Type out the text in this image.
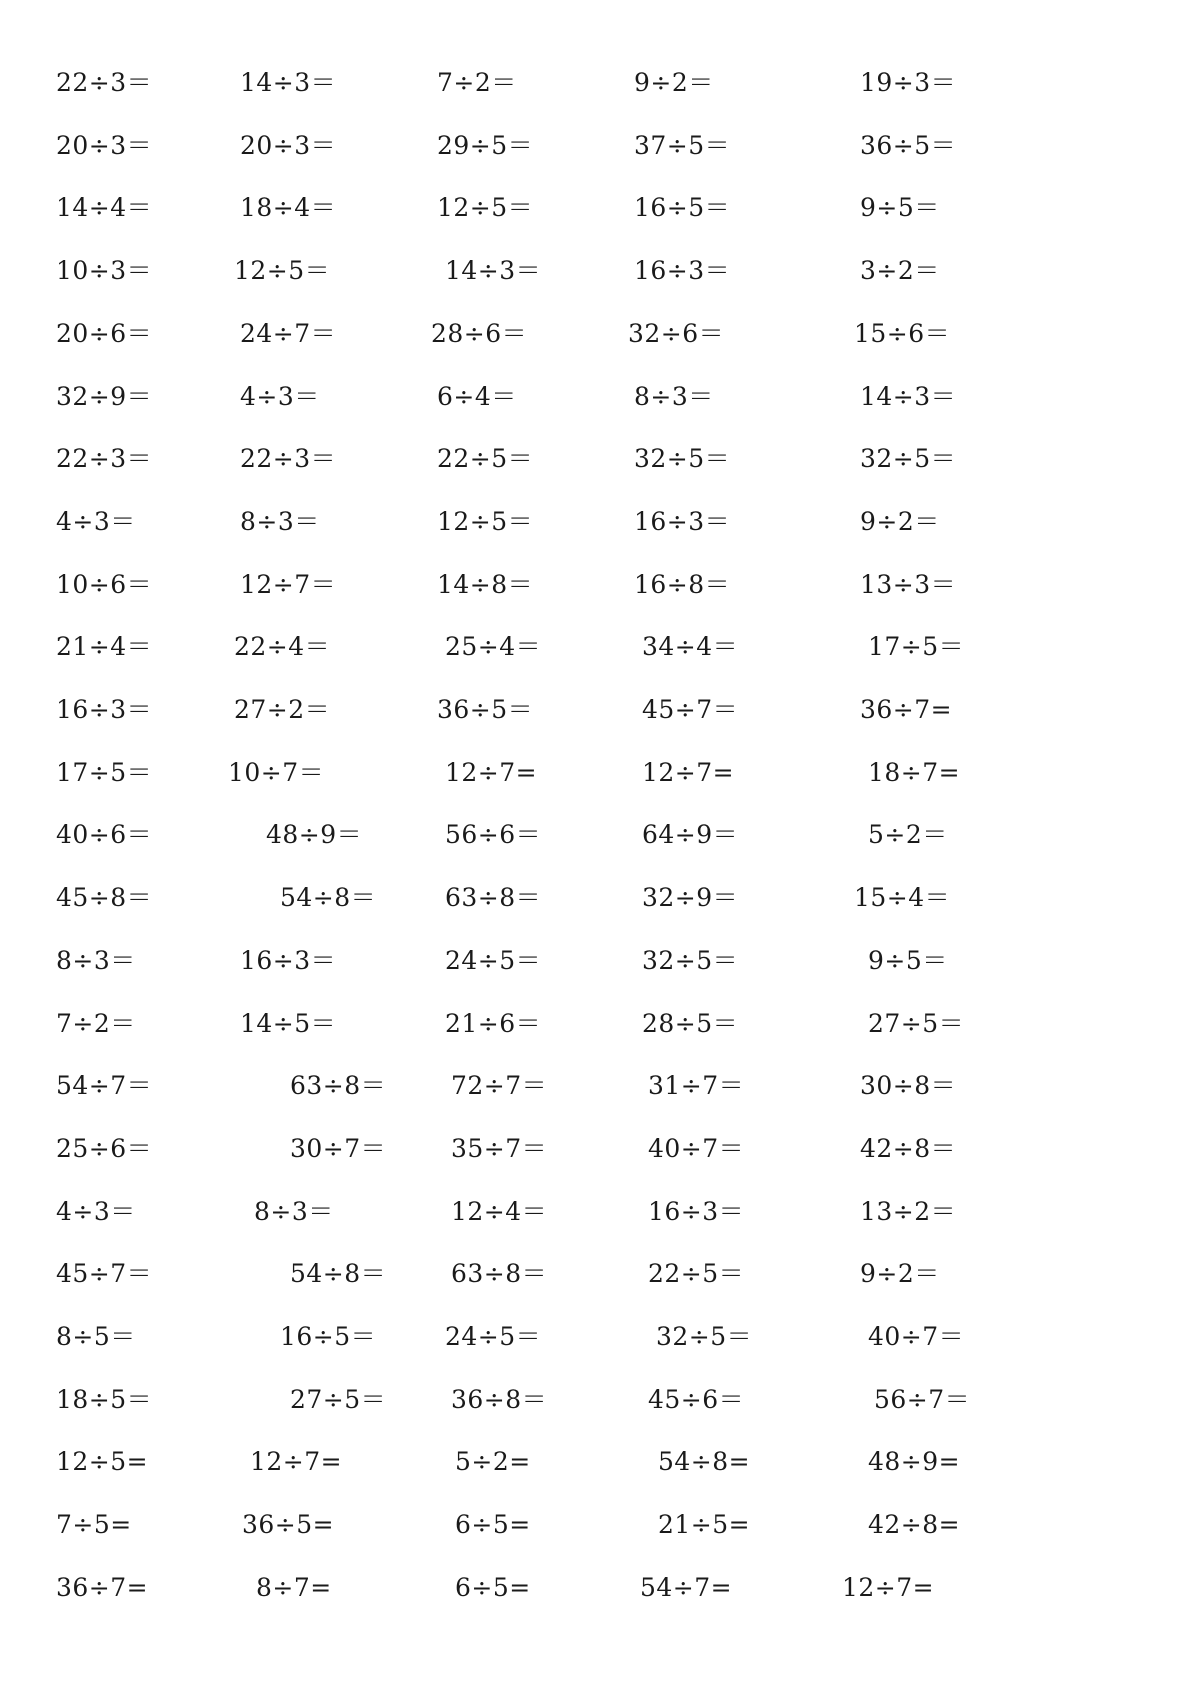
22÷3＝	14÷3＝	7÷2＝	9÷2＝	19÷3＝
20÷3＝	20÷3＝	29÷5＝	37÷5＝	36÷5＝
14÷4＝	18÷4＝	12÷5＝	16÷5＝	9÷5＝
10÷3＝	12÷5＝	14÷3＝	16÷3＝	3÷2＝
20÷6＝	24÷7＝	28÷6＝	32÷6＝	15÷6＝
32÷9＝	4÷3＝	6÷4＝	8÷3＝	14÷3＝
22÷3＝	22÷3＝	22÷5＝	32÷5＝	32÷5＝
4÷3＝	8÷3＝	12÷5＝	16÷3＝	9÷2＝
10÷6＝	12÷7＝	14÷8＝	16÷8＝	13÷3＝
21÷4＝	22÷4＝	25÷4＝	34÷4＝	17÷5＝
16÷3＝	27÷2＝	36÷5＝	45÷7＝	36÷7=
17÷5＝	10÷7＝	12÷7=	12÷7=	18÷7=
40÷6＝	48÷9＝	56÷6＝	64÷9＝	5÷2＝
45÷8＝	54÷8＝	63÷8＝	32÷9＝	15÷4＝
8÷3＝	16÷3＝	24÷5＝	32÷5＝	9÷5＝
7÷2＝	14÷5＝	21÷6＝	28÷5＝	27÷5＝
54÷7＝	63÷8＝	72÷7＝	31÷7＝	30÷8＝
25÷6＝	30÷7＝	35÷7＝	40÷7＝	42÷8＝
4÷3＝	8÷3＝	12÷4＝	16÷3＝	13÷2＝
45÷7＝	54÷8＝	63÷8＝	22÷5＝	9÷2＝
8÷5＝	16÷5＝	24÷5＝	32÷5＝	40÷7＝
18÷5＝	27÷5＝	36÷8＝	45÷6＝	56÷7＝
12÷5=	12÷7=	5÷2=	54÷8=	48÷9=
7÷5=	36÷5=	6÷5=	21÷5=	42÷8=
36÷7=	8÷7=	6÷5=	54÷7=	12÷7=
